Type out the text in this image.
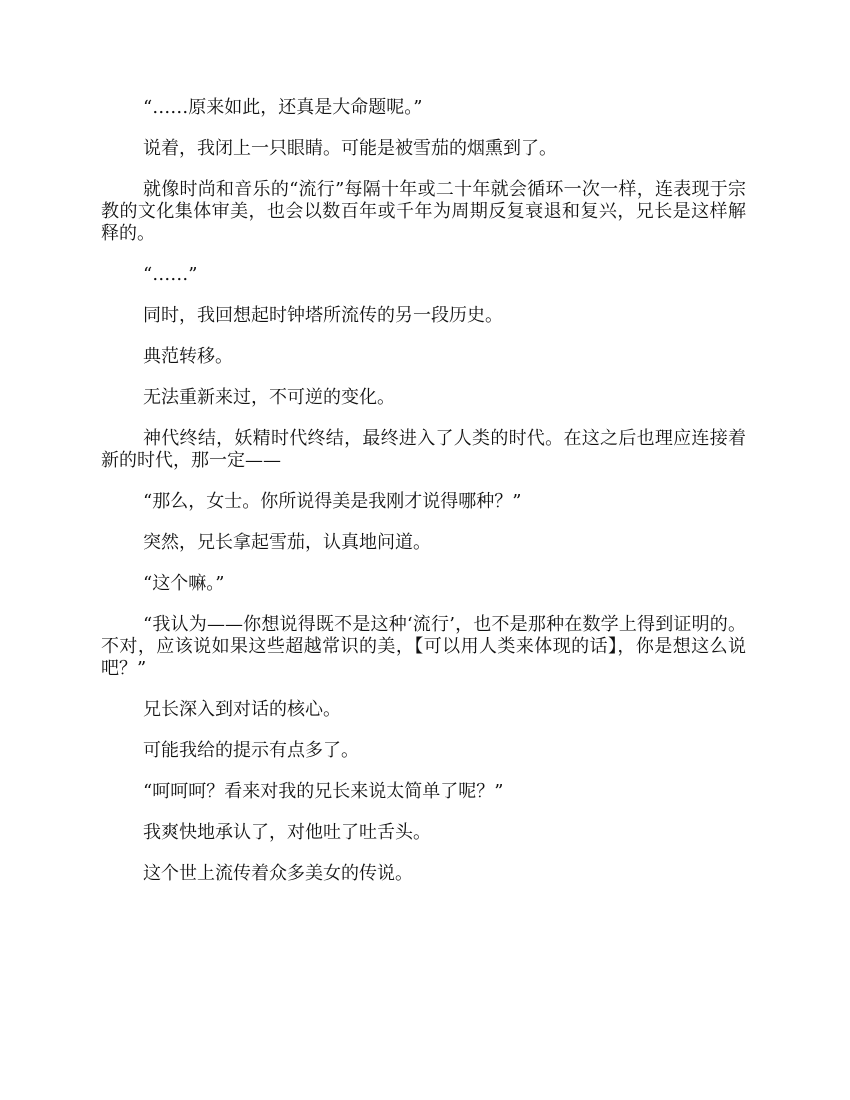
“……原来如此，还真是大命题呢。”

说着，我闭上一只眼睛。可能是被雪茄的烟熏到了。

就像时尚和音乐的“流行”每隔十年或二十年就会循环一次一样，连表现于宗教的文化集体审美，也会以数百年或千年为周期反复衰退和复兴，兄长是这样解释的。

“……”

同时，我回想起时钟塔所流传的另一段历史。

典范转移。

无法重新来过，不可逆的变化。

神代终结，妖精时代终结，最终进入了人类的时代。在这之后也理应连接着新的时代，那一定——

“那么，女士。你所说得美是我刚才说得哪种？”

突然，兄长拿起雪茄，认真地问道。

“这个嘛。”

“我认为——你想说得既不是这种‘流行’，也不是那种在数学上得到证明的。不对，应该说如果这些超越常识的美，【可以用人类来体现的话】，你是想这么说吧？”

兄长深入到对话的核心。

可能我给的提示有点多了。

“呵呵呵？看来对我的兄长来说太简单了呢？”

我爽快地承认了，对他吐了吐舌头。

这个世上流传着众多美女的传说。
